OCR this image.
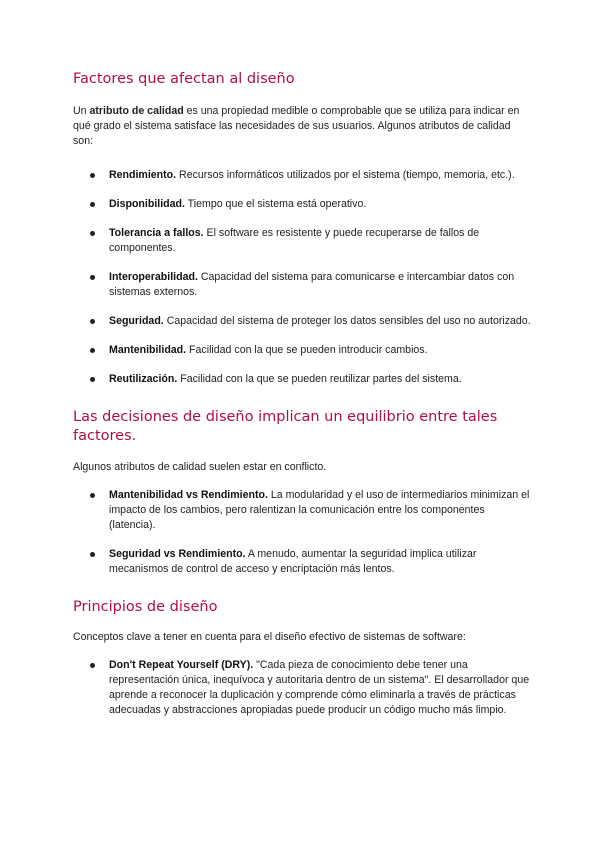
Factores que afectan al diseño

Un atributo de calidad es una propiedad medible o comprobable que se utiliza para indicar en qué grado el sistema satisface las necesidades de sus usuarios. Algunos atributos de calidad son:

Rendimiento. Recursos informáticos utilizados por el sistema (tiempo, memoria, etc.).
Disponibilidad. Tiempo que el sistema está operativo.
Tolerancia a fallos. El software es resistente y puede recuperarse de fallos de componentes.
Interoperabilidad. Capacidad del sistema para comunicarse e intercambiar datos con sistemas externos.
Seguridad. Capacidad del sistema de proteger los datos sensibles del uso no autorizado.
Mantenibilidad. Facilidad con la que se pueden introducir cambios.
Reutilización. Facilidad con la que se pueden reutilizar partes del sistema.
Las decisiones de diseño implican un equilibrio entre tales factores.

Algunos atributos de calidad suelen estar en conflicto.

Mantenibilidad vs Rendimiento. La modularidad y el uso de intermediarios minimizan el impacto de los cambios, pero ralentizan la comunicación entre los componentes (latencia).
Seguridad vs Rendimiento. A menudo, aumentar la seguridad implica utilizar mecanismos de control de acceso y encriptación más lentos.
Principios de diseño

Conceptos clave a tener en cuenta para el diseño efectivo de sistemas de software:

Don't Repeat Yourself (DRY). "Cada pieza de conocimiento debe tener una representación única, inequívoca y autoritaria dentro de un sistema". El desarrollador que aprende a reconocer la duplicación y comprende cómo eliminarla a través de prácticas adecuadas y abstracciones apropiadas puede producir un código mucho más limpio.
